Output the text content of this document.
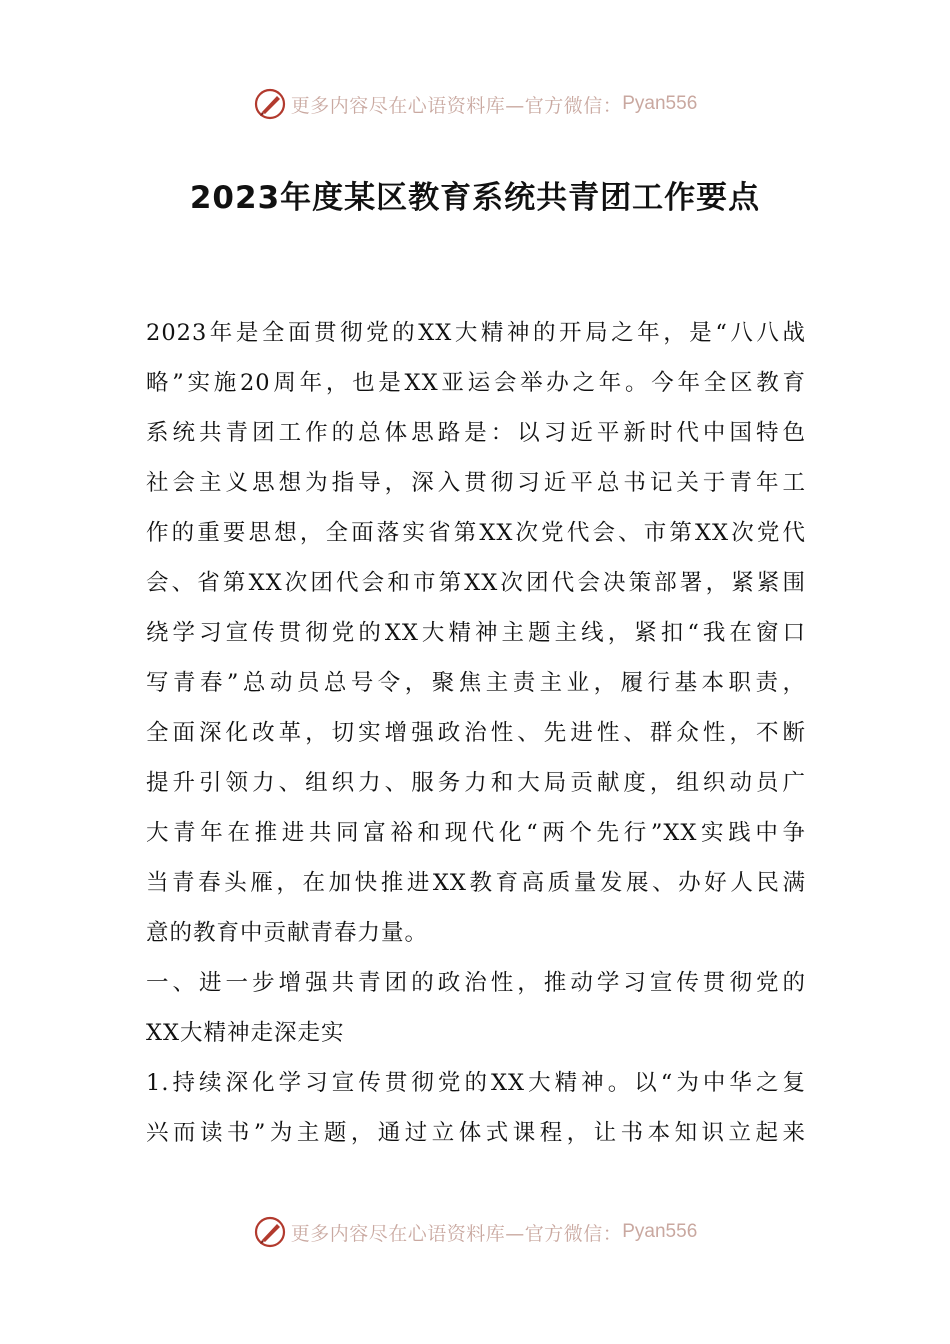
更多内容尽在心语资料库—官方微信： Pyan556
2023年度某区教育系统共青团工作要点
2023年是全面贯彻党的XX大精神的开局之年，是“八八战
略”实施20周年，也是XX亚运会举办之年。今年全区教育
系统共青团工作的总体思路是：以习近平新时代中国特色
社会主义思想为指导，深入贯彻习近平总书记关于青年工
作的重要思想，全面落实省第XX次党代会、市第XX次党代
会、省第XX次团代会和市第XX次团代会决策部署，紧紧围
绕学习宣传贯彻党的XX大精神主题主线，紧扣“我在窗口
写青春”总动员总号令，聚焦主责主业，履行基本职责，
全面深化改革，切实增强政治性、先进性、群众性，不断
提升引领力、组织力、服务力和大局贡献度，组织动员广
大青年在推进共同富裕和现代化“两个先行”XX实践中争
当青春头雁，在加快推进XX教育高质量发展、办好人民满
意的教育中贡献青春力量。
一、进一步增强共青团的政治性，推动学习宣传贯彻党的
XX大精神走深走实
1.持续深化学习宣传贯彻党的XX大精神。以“为中华之复
兴而读书”为主题，通过立体式课程，让书本知识立起来
更多内容尽在心语资料库—官方微信： Pyan556
